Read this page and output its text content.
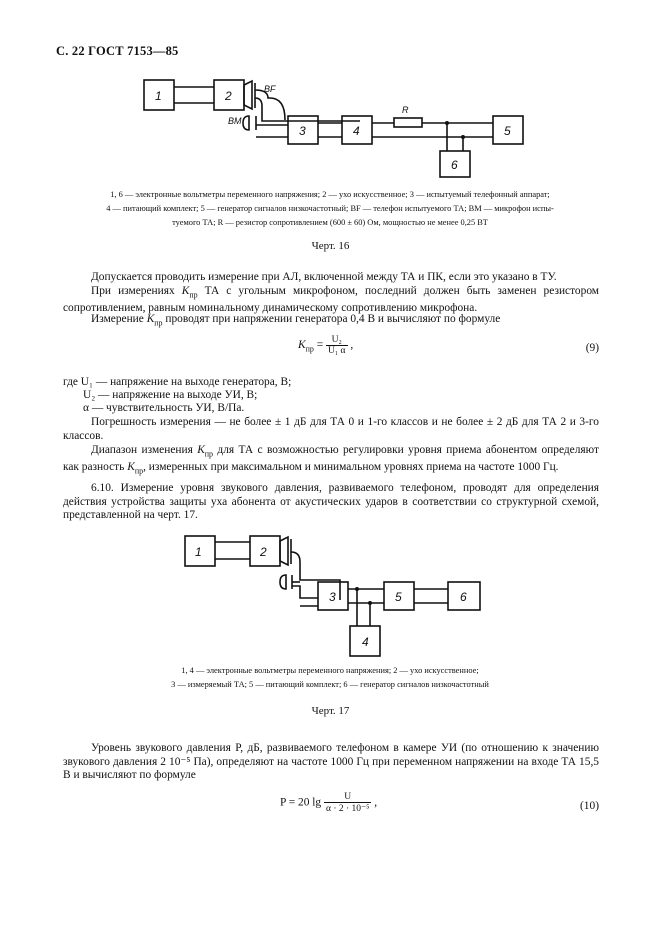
С. 22 ГОСТ 7153—85
1	2
3	4	5
6
BF
BM
R
1, 6 — электронные вольтметры переменного напряжения; 2 — ухо искусственное; 3 — испытуемый телефонный аппарат;
4 — питающий комплект; 5 — генератор сигналов низкочастотный; BF — телефон испытуемого ТА; BM — микрофон испы-
туемого ТА; R — резистор сопротивлением (600 ± 60) Ом, мощностью не менее 0,25 ВТ
Черт. 16
Допускается проводить измерение при АЛ, включенной между ТА и ПК, если это указано в ТУ.
При измерениях $K_{пр}$ ТА с угольным микрофоном, последний должен быть заменен резистором сопротивлением, равным номинальному динамическому сопротивлению микрофона.
Измерение $K_{пр}$ проводят при напряжении генератора 0,4 В и вычисляют по формуле
$K_{пр} = \frac{\text{U₂}}{\text{U₁ α}}$ ,	(9)
где U₁ — напряжение на выходе генератора, В;
U₂ — напряжение на выходе УИ, В;
α — чувствительность УИ, В/Па.
Погрешность измерения — не более ± 1 дБ для ТА 0 и 1-го классов и не более ± 2 дБ для ТА 2 и 3-го классов.
Диапазон изменения $K_{пр}$ для ТА с возможностью регулировки уровня приема абонентом определяют как разность $K_{пр}$, измеренных при максимальном и минимальном уровнях приема на частоте 1000 Гц.
6.10. Измерение уровня звукового давления, развиваемого телефоном, проводят для определения действия устройства защиты уха абонента от акустических ударов в соответствии со структурной схемой, представленной на черт. 17.
1	2
3
4
5	6
1, 4 — электронные вольтметры переменного напряжения; 2 — ухо искусственное;
3 — измеряемый ТА; 5 — питающий комплект; 6 — генератор сигналов низкочастотный
Черт. 17
Уровень звукового давления P, дБ, развиваемого телефоном в камере УИ (по отношению к значению звукового давления 2 10⁻⁵ Па), определяют на частоте 1000 Гц при переменном напряжении на входе ТА 15,5 В и вычисляют по формуле
P = 20 $\lg \frac{U}{\text{α · 2 · 10⁻⁵}}$ ,	(10)
